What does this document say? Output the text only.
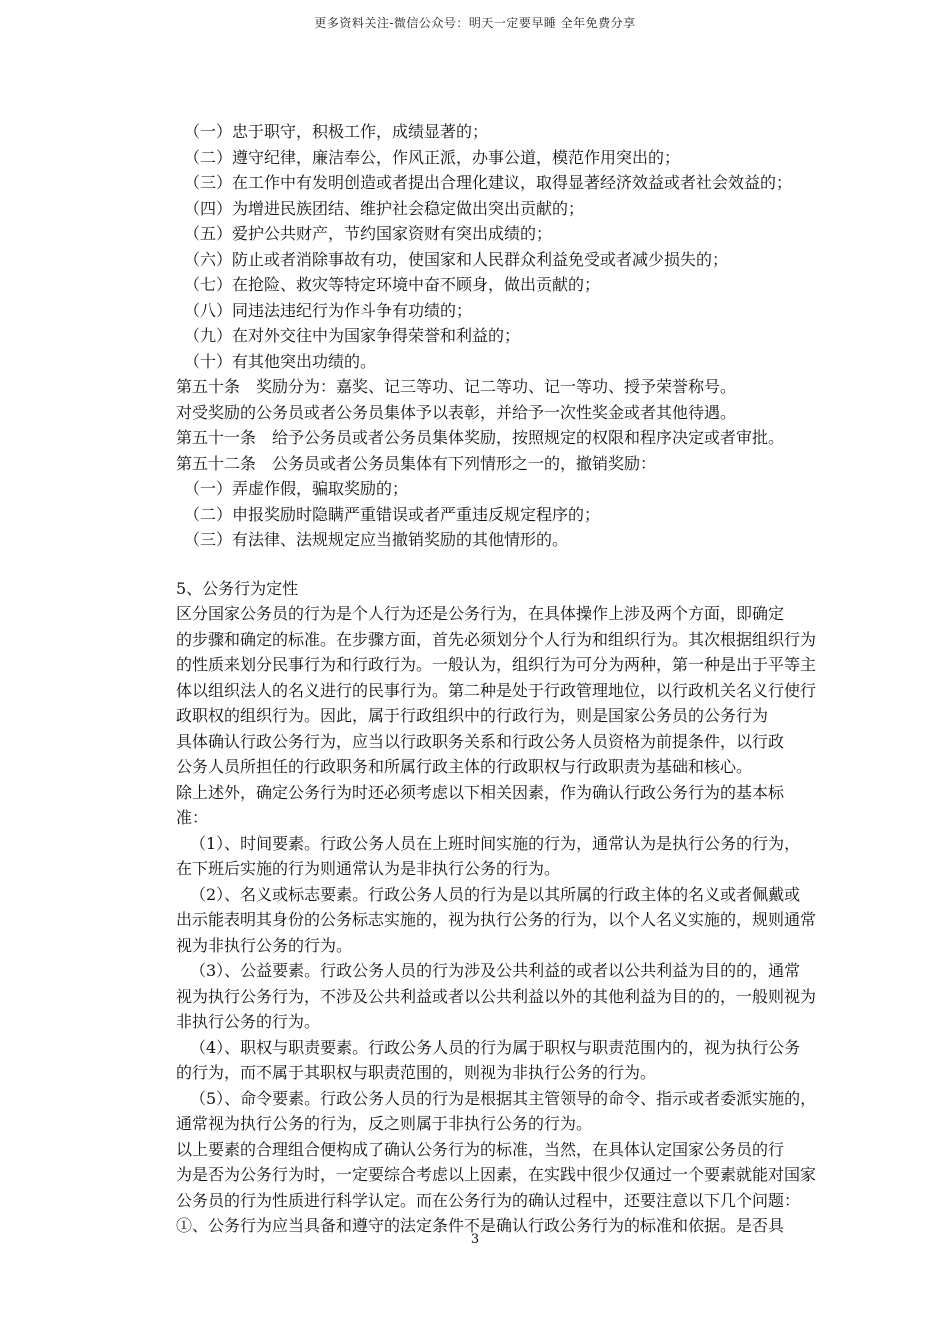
更多资料关注-微信公众号：明天一定要早睡 全年免费分享
（一）忠于职守，积极工作，成绩显著的；
（二）遵守纪律，廉洁奉公，作风正派，办事公道，模范作用突出的；
（三）在工作中有发明创造或者提出合理化建议，取得显著经济效益或者社会效益的；
（四）为增进民族团结、维护社会稳定做出突出贡献的；
（五）爱护公共财产，节约国家资财有突出成绩的；
（六）防止或者消除事故有功，使国家和人民群众利益免受或者减少损失的；
（七）在抢险、救灾等特定环境中奋不顾身，做出贡献的；
（八）同违法违纪行为作斗争有功绩的；
（九）在对外交往中为国家争得荣誉和利益的；
（十）有其他突出功绩的。
第五十条　奖励分为：嘉奖、记三等功、记二等功、记一等功、授予荣誉称号。
对受奖励的公务员或者公务员集体予以表彰，并给予一次性奖金或者其他待遇。
第五十一条　给予公务员或者公务员集体奖励，按照规定的权限和程序决定或者审批。
第五十二条　公务员或者公务员集体有下列情形之一的，撤销奖励：
（一）弄虚作假，骗取奖励的；
（二）申报奖励时隐瞒严重错误或者严重违反规定程序的；
（三）有法律、法规规定应当撤销奖励的其他情形的。
5、公务行为定性
区分国家公务员的行为是个人行为还是公务行为，在具体操作上涉及两个方面，即确定
的步骤和确定的标准。在步骤方面，首先必须划分个人行为和组织行为。其次根据组织行为
的性质来划分民事行为和行政行为。一般认为，组织行为可分为两种，第一种是出于平等主
体以组织法人的名义进行的民事行为。第二种是处于行政管理地位，以行政机关名义行使行
政职权的组织行为。因此，属于行政组织中的行政行为，则是国家公务员的公务行为
具体确认行政公务行为，应当以行政职务关系和行政公务人员资格为前提条件，以行政
公务人员所担任的行政职务和所属行政主体的行政职权与行政职责为基础和核心。
除上述外，确定公务行为时还必须考虑以下相关因素，作为确认行政公务行为的基本标
准：
（1）、时间要素。行政公务人员在上班时间实施的行为，通常认为是执行公务的行为，
在下班后实施的行为则通常认为是非执行公务的行为。
（2）、名义或标志要素。行政公务人员的行为是以其所属的行政主体的名义或者佩戴或
出示能表明其身份的公务标志实施的，视为执行公务的行为，以个人名义实施的，规则通常
视为非执行公务的行为。
（3）、公益要素。行政公务人员的行为涉及公共利益的或者以公共利益为目的的，通常
视为执行公务行为，不涉及公共利益或者以公共利益以外的其他利益为目的的，一般则视为
非执行公务的行为。
（4）、职权与职责要素。行政公务人员的行为属于职权与职责范围内的，视为执行公务
的行为，而不属于其职权与职责范围的，则视为非执行公务的行为。
（5）、命令要素。行政公务人员的行为是根据其主管领导的命令、指示或者委派实施的，
通常视为执行公务的行为，反之则属于非执行公务的行为。
以上要素的合理组合便构成了确认公务行为的标准，当然，在具体认定国家公务员的行
为是否为公务行为时，一定要综合考虑以上因素，在实践中很少仅通过一个要素就能对国家
公务员的行为性质进行科学认定。而在公务行为的确认过程中，还要注意以下几个问题：
①、公务行为应当具备和遵守的法定条件不是确认行政公务行为的标准和依据。是否具
3
